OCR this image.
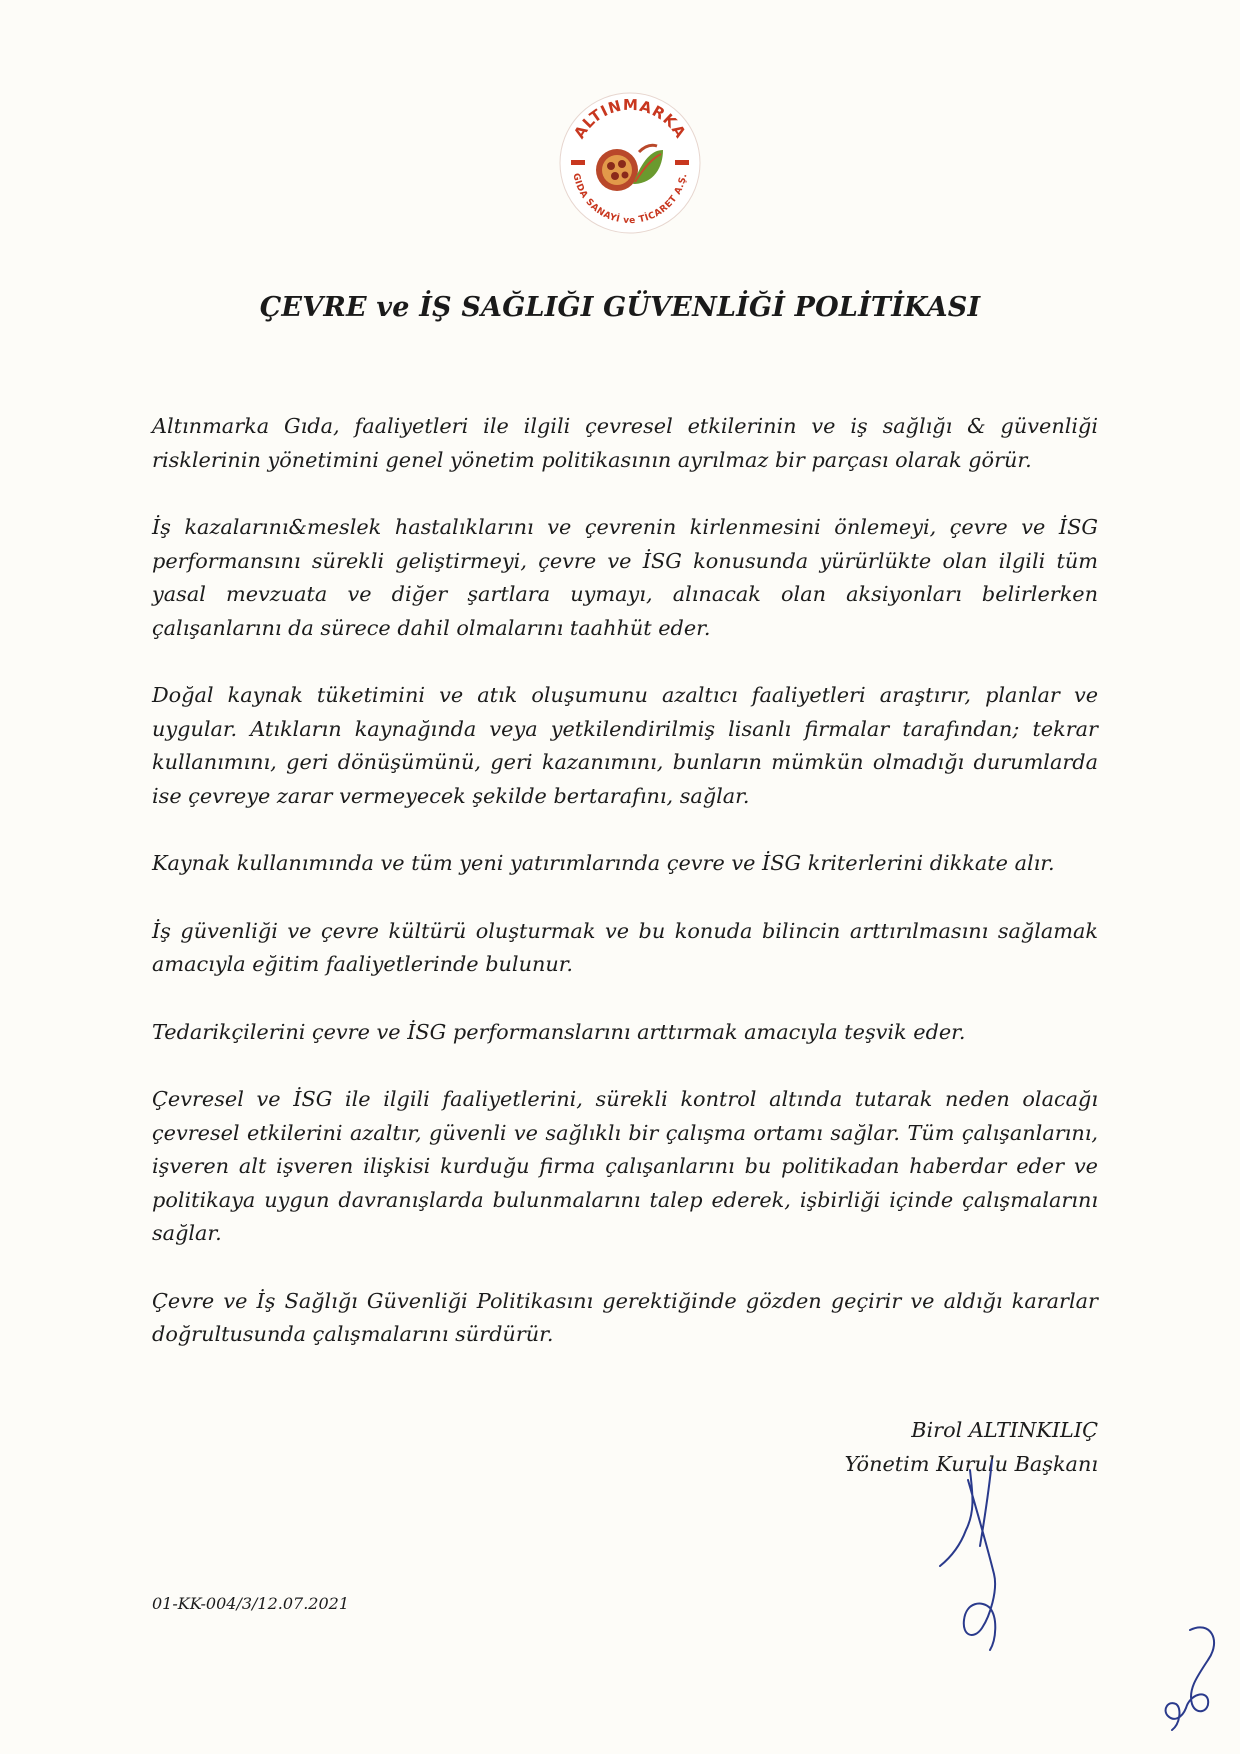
ALTINMARKA
GIDA SANAYİ ve TİCARET A.Ş.
ÇEVRE ve İŞ SAĞLIĞI GÜVENLİĞİ POLİTİKASI

Altınmarka Gıda, faaliyetleri ile ilgili çevresel etkilerinin ve iş sağlığı & güvenliği risklerinin yönetimini genel yönetim politikasının ayrılmaz bir parçası olarak görür.

İş kazalarını&meslek hastalıklarını ve çevrenin kirlenmesini önlemeyi, çevre ve İSG performansını sürekli geliştirmeyi, çevre ve İSG konusunda yürürlükte olan ilgili tüm yasal mevzuata ve diğer şartlara uymayı, alınacak olan aksiyonları belirlerken çalışanlarını da sürece dahil olmalarını taahhüt eder.

Doğal kaynak tüketimini ve atık oluşumunu azaltıcı faaliyetleri araştırır, planlar ve uygular. Atıkların kaynağında veya yetkilendirilmiş lisanlı firmalar tarafından; tekrar kullanımını, geri dönüşümünü, geri kazanımını, bunların mümkün olmadığı durumlarda ise çevreye zarar vermeyecek şekilde bertarafını, sağlar.

Kaynak kullanımında ve tüm yeni yatırımlarında çevre ve İSG kriterlerini dikkate alır.

İş güvenliği ve çevre kültürü oluşturmak ve bu konuda bilincin arttırılmasını sağlamak amacıyla eğitim faaliyetlerinde bulunur.

Tedarikçilerini çevre ve İSG performanslarını arttırmak amacıyla teşvik eder.

Çevresel ve İSG ile ilgili faaliyetlerini, sürekli kontrol altında tutarak neden olacağı çevresel etkilerini azaltır, güvenli ve sağlıklı bir çalışma ortamı sağlar. Tüm çalışanlarını, işveren alt işveren ilişkisi kurduğu firma çalışanlarını bu politikadan haberdar eder ve politikaya uygun davranışlarda bulunmalarını talep ederek, işbirliği içinde çalışmalarını sağlar.

Çevre ve İş Sağlığı Güvenliği Politikasını gerektiğinde gözden geçirir ve aldığı kararlar doğrultusunda çalışmalarını sürdürür.

Birol ALTINKILIÇ
Yönetim Kurulu Başkanı
01-KK-004/3/12.07.2021
